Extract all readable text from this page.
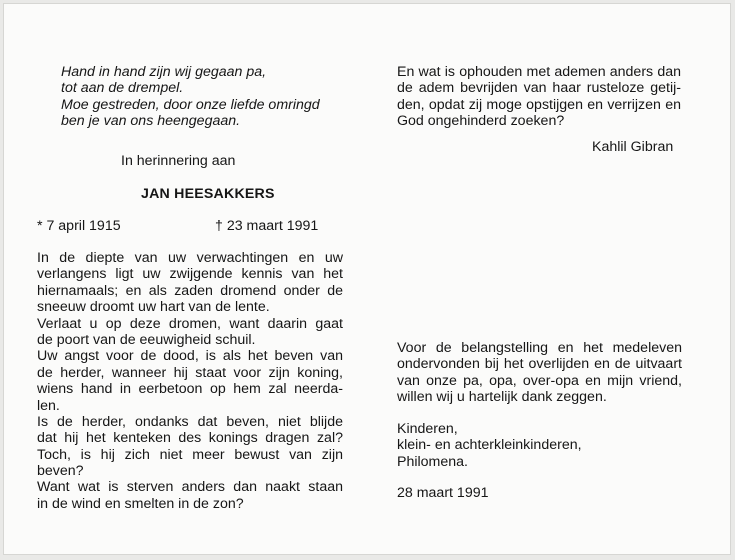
Hand in hand zijn wij gegaan pa,
tot aan de drempel.
Moe gestreden, door onze liefde omringd
ben je van ons heengegaan.
In herinnering aan
JAN HEESAKKERS
* 7 april 1915	† 23 maart 1991
In de diepte van uw verwachtingen en uw
verlangens ligt uw zwijgende kennis van het
hiernamaals; en als zaden dromend onder de
sneeuw droomt uw hart van de lente.
Verlaat u op deze dromen, want daarin gaat
de poort van de eeuwigheid schuil.
Uw angst voor de dood, is als het beven van
de herder, wanneer hij staat voor zijn koning,
wiens hand in eerbetoon op hem zal neerda-
len.
Is de herder, ondanks dat beven, niet blijde
dat hij het kenteken des konings dragen zal?
Toch, is hij zich niet meer bewust van zijn
beven?
Want wat is sterven anders dan naakt staan
in de wind en smelten in de zon?
En wat is ophouden met ademen anders dan
de adem bevrijden van haar rusteloze getij-
den, opdat zij moge opstijgen en verrijzen en
God ongehinderd zoeken?
Kahlil Gibran
Voor de belangstelling en het medeleven
ondervonden bij het overlijden en de uitvaart
van onze pa, opa, over-opa en mijn vriend,
willen wij u hartelijk dank zeggen.
Kinderen,
klein- en achterkleinkinderen,
Philomena.
28 maart 1991
